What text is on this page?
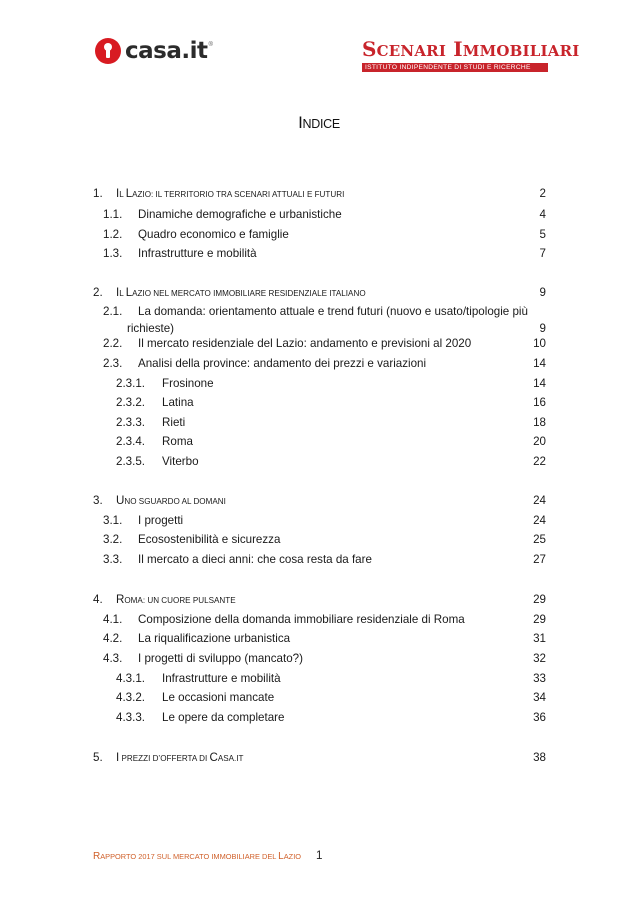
casa.it ®	SCENARI IMMOBILIARI
ISTITUTO INDIPENDENTE DI STUDI E RICERCHE
INDICE
1. IL LAZIO: IL TERRITORIO TRA SCENARI ATTUALI E FUTURI	2
1.1. Dinamiche demografiche e urbanistiche	4
1.2. Quadro economico e famiglie	5
1.3. Infrastrutture e mobilità	7
2. IL LAZIO NEL MERCATO IMMOBILIARE RESIDENZIALE ITALIANO	9
2.1. La domanda: orientamento attuale e trend futuri (nuovo e usato/tipologie più
richieste)	9
2.2. Il mercato residenziale del Lazio: andamento e previsioni al 2020	10
2.3. Analisi della province: andamento dei prezzi e variazioni	14
2.3.1. Frosinone	14
2.3.2. Latina	16
2.3.3. Rieti	18
2.3.4. Roma	20
2.3.5. Viterbo	22
3. UNO SGUARDO AL DOMANI	24
3.1. I progetti	24
3.2. Ecosostenibilità e sicurezza	25
3.3. Il mercato a dieci anni: che cosa resta da fare	27
4. ROMA: UN CUORE PULSANTE	29
4.1. Composizione della domanda immobiliare residenziale di Roma	29
4.2. La riqualificazione urbanistica	31
4.3. I progetti di sviluppo (mancato?)	32
4.3.1. Infrastrutture e mobilità	33
4.3.2. Le occasioni mancate	34
4.3.3. Le opere da completare	36
5. I PREZZI D’OFFERTA DI CASA.IT	38
RAPPORTO 2017 SUL MERCATO IMMOBILIARE DEL LAZIO 1
